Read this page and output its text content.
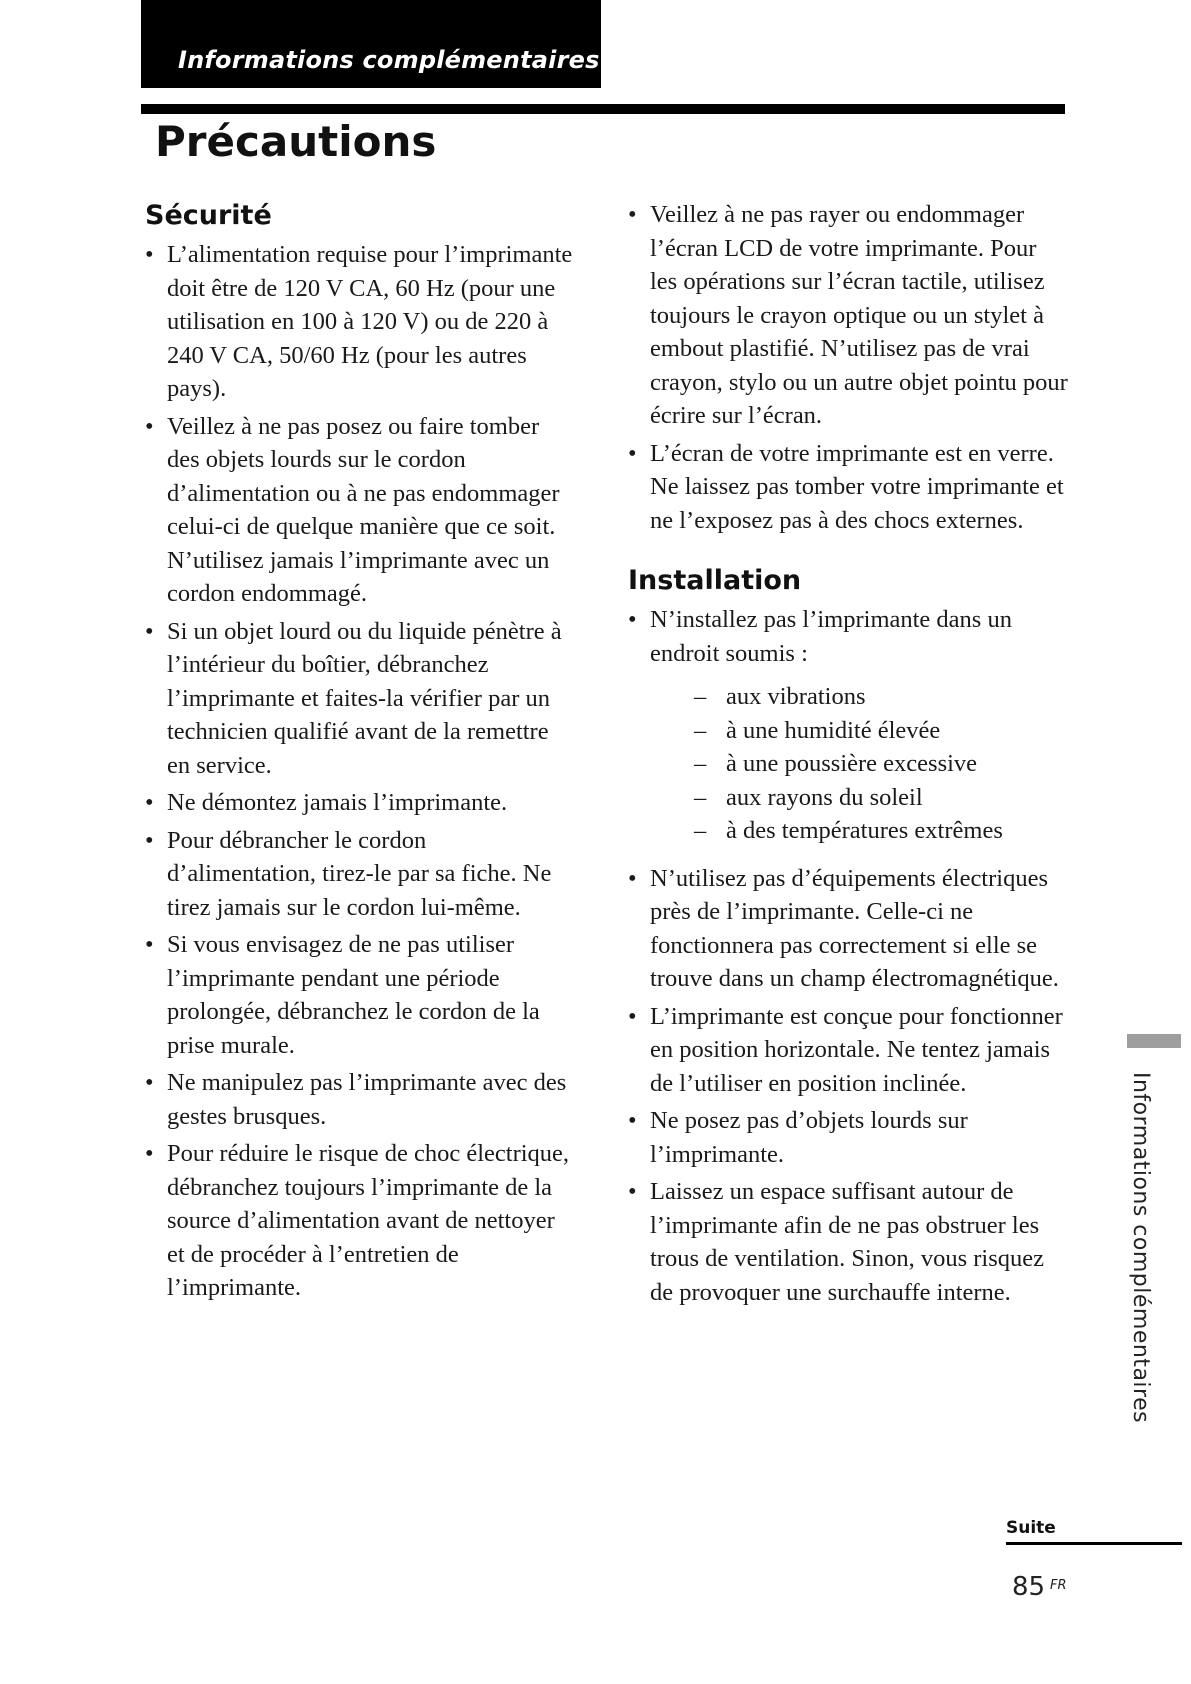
Informations complémentaires
Précautions
Sécurité
• L’alimentation requise pour l’imprimante doit être de 120 V CA, 60 Hz (pour une utilisation en 100 à 120 V) ou de 220 à 240 V CA, 50/60 Hz (pour les autres pays).
• Veillez à ne pas posez ou faire tomber des objets lourds sur le cordon d’alimentation ou à ne pas endommager celui-ci de quelque manière que ce soit. N’utilisez jamais l’imprimante avec un cordon endommagé.
• Si un objet lourd ou du liquide pénètre à l’intérieur du boîtier, débranchez l’imprimante et faites-la vérifier par un technicien qualifié avant de la remettre en service.
• Ne démontez jamais l’imprimante.
• Pour débrancher le cordon d’alimentation, tirez-le par sa fiche. Ne tirez jamais sur le cordon lui-même.
• Si vous envisagez de ne pas utiliser l’imprimante pendant une période prolongée, débranchez le cordon de la prise murale.
• Ne manipulez pas l’imprimante avec des gestes brusques.
• Pour réduire le risque de choc électrique, débranchez toujours l’imprimante de la source d’alimentation avant de nettoyer et de procéder à l’entretien de l’imprimante.
• Veillez à ne pas rayer ou endommager l’écran LCD de votre imprimante. Pour les opérations sur l’écran tactile, utilisez toujours le crayon optique ou un stylet à embout plastifié. N’utilisez pas de vrai crayon, stylo ou un autre objet pointu pour écrire sur l’écran.
• L’écran de votre imprimante est en verre. Ne laissez pas tomber votre imprimante et ne l’exposez pas à des chocs externes.
Installation
• N’installez pas l’imprimante dans un endroit soumis :
– aux vibrations
– à une humidité élevée
– à une poussière excessive
– aux rayons du soleil
– à des températures extrêmes
• N’utilisez pas d’équipements électriques près de l’imprimante. Celle-ci ne fonctionnera pas correctement si elle se trouve dans un champ électromagnétique.
• L’imprimante est conçue pour fonctionner en position horizontale. Ne tentez jamais de l’utiliser en position inclinée.
• Ne posez pas d’objets lourds sur l’imprimante.
• Laissez un espace suffisant autour de l’imprimante afin de ne pas obstruer les trous de ventilation. Sinon, vous risquez de provoquer une surchauffe interne.	Informations complémentaires
Suite
85 FR
